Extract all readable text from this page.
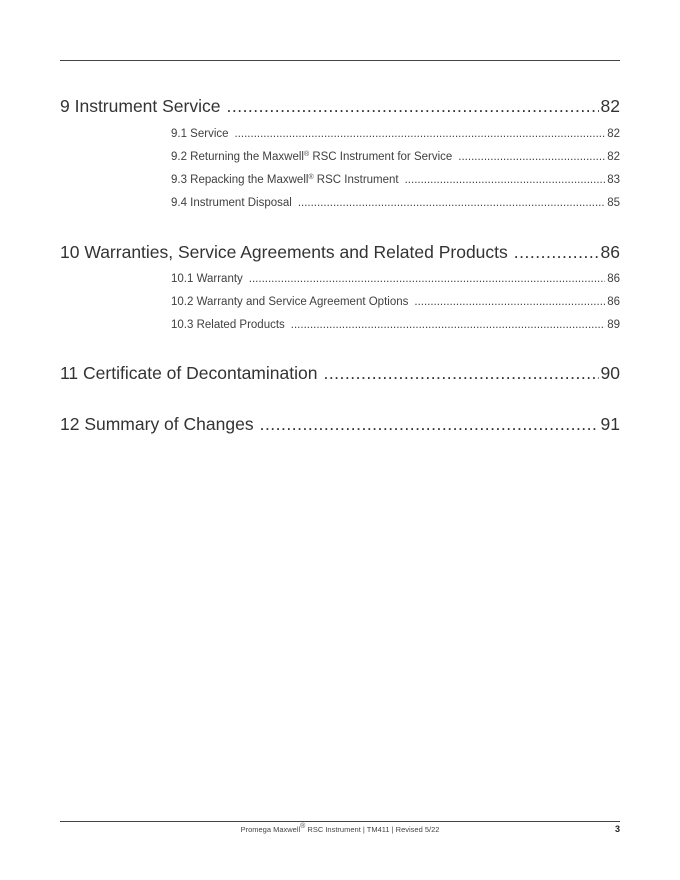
9 Instrument Service .....	82
9.1 Service .....	82
9.2 Returning the Maxwell® RSC Instrument for Service .....	82
9.3 Repacking the Maxwell® RSC Instrument .....	83
9.4 Instrument Disposal .....	85
10 Warranties, Service Agreements and Related Products .....	86
10.1 Warranty .....	86
10.2 Warranty and Service Agreement Options .....	86
10.3 Related Products .....	89
11 Certificate of Decontamination .....	90
12 Summary of Changes .....	91
Promega Maxwell® RSC Instrument | TM411 | Revised 5/22	3
